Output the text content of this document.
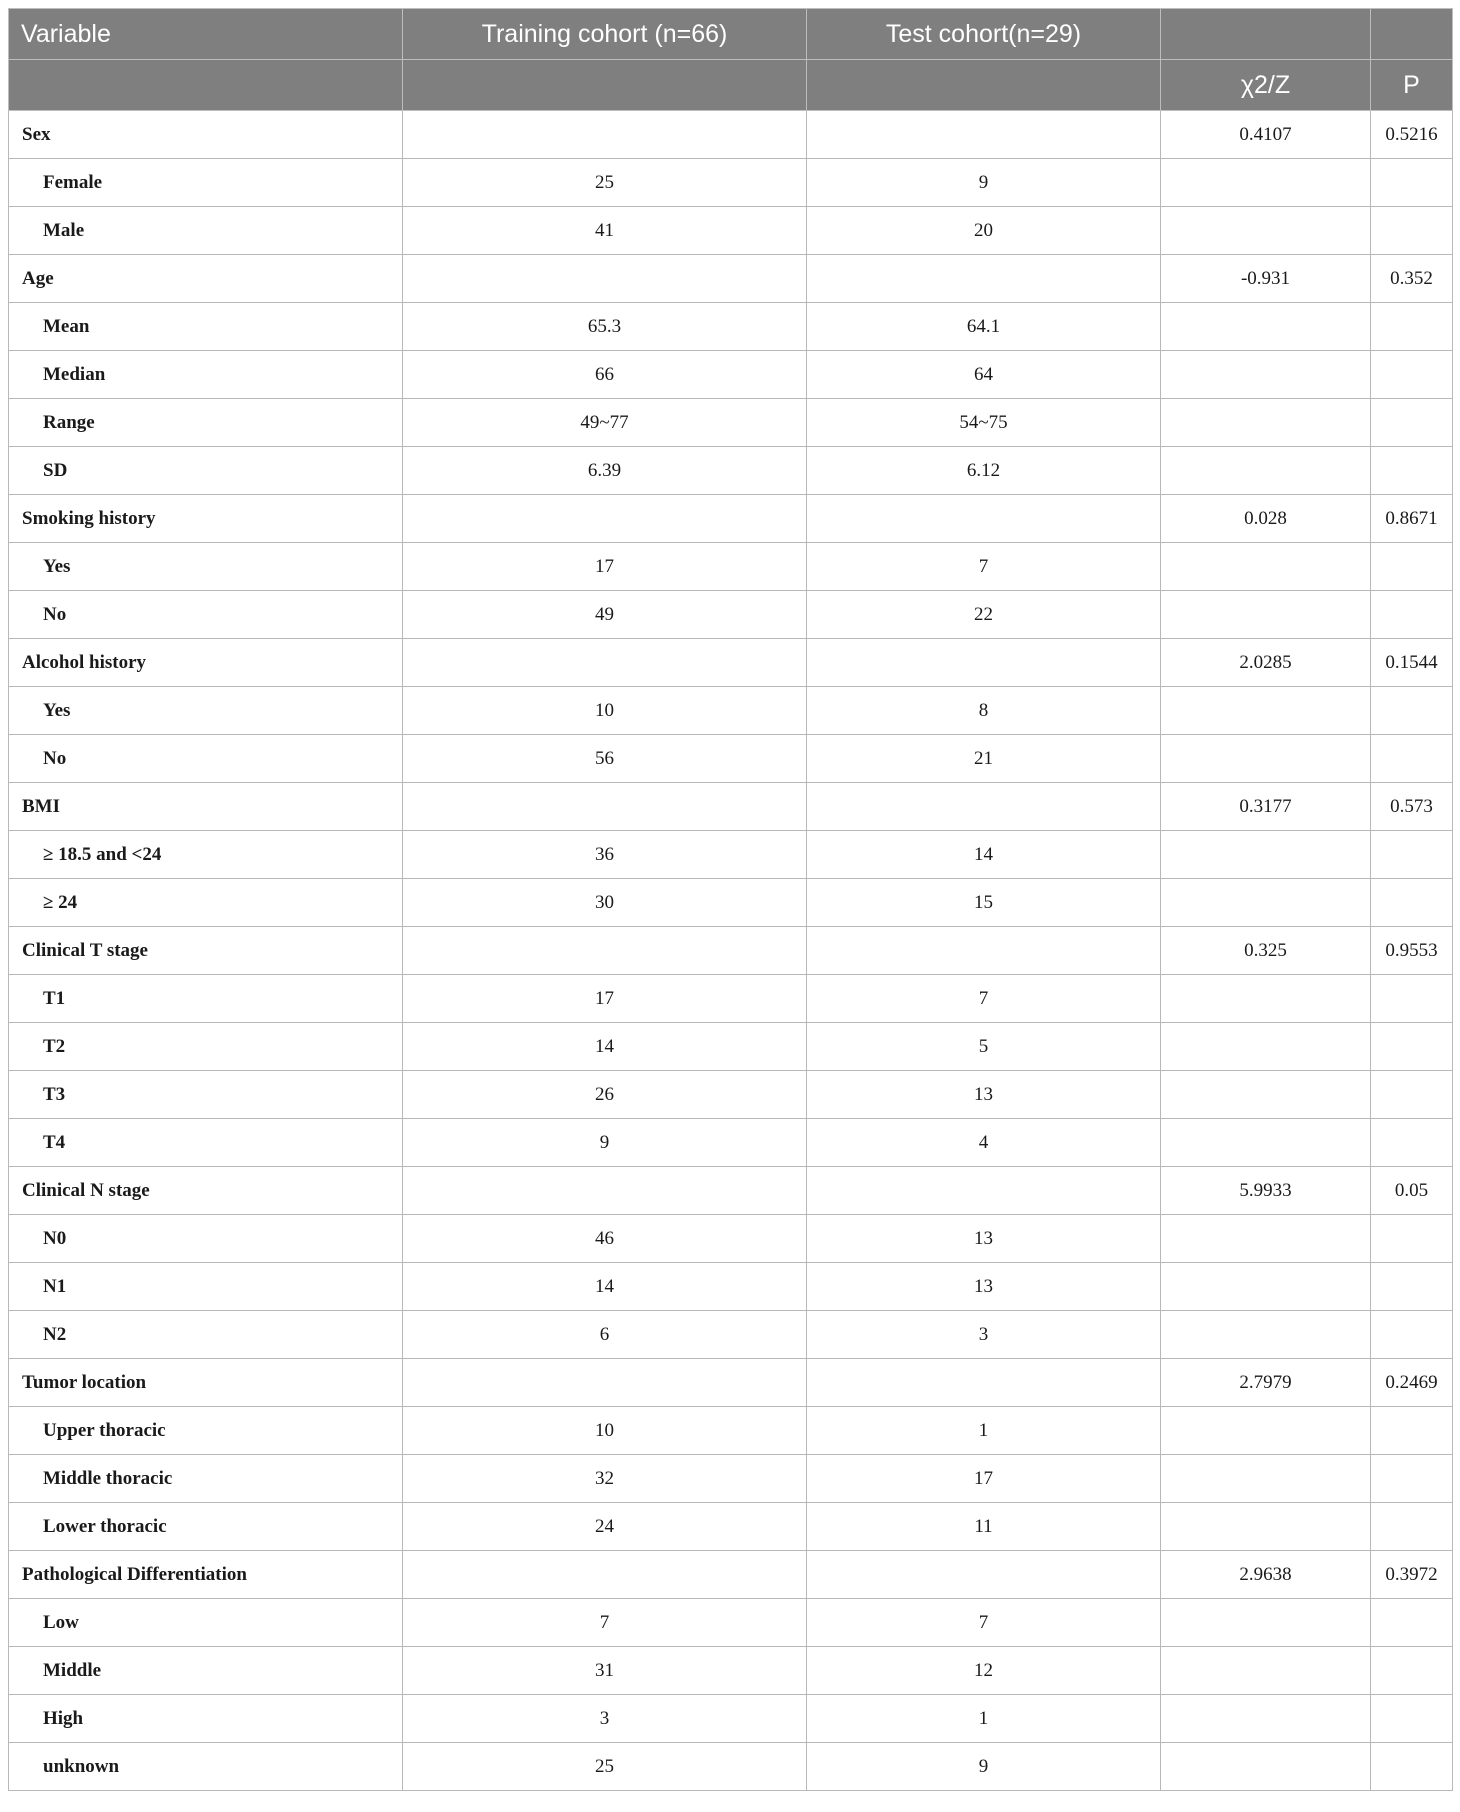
Variable	Training cohort (n=66)	Test cohort(n=29)		
			χ2/Z	P
Sex			0.4107	0.5216
Female	25	9		
Male	41	20		
Age			-0.931	0.352
Mean	65.3	64.1		
Median	66	64		
Range	49~77	54~75		
SD	6.39	6.12		
Smoking history			0.028	0.8671
Yes	17	7		
No	49	22		
Alcohol history			2.0285	0.1544
Yes	10	8		
No	56	21		
BMI			0.3177	0.573
≥ 18.5 and <24	36	14		
≥ 24	30	15		
Clinical T stage			0.325	0.9553
T1	17	7		
T2	14	5		
T3	26	13		
T4	9	4		
Clinical N stage			5.9933	0.05
N0	46	13		
N1	14	13		
N2	6	3		
Tumor location			2.7979	0.2469
Upper thoracic	10	1		
Middle thoracic	32	17		
Lower thoracic	24	11		
Pathological Differentiation			2.9638	0.3972
Low	7	7		
Middle	31	12		
High	3	1		
unknown	25	9		
